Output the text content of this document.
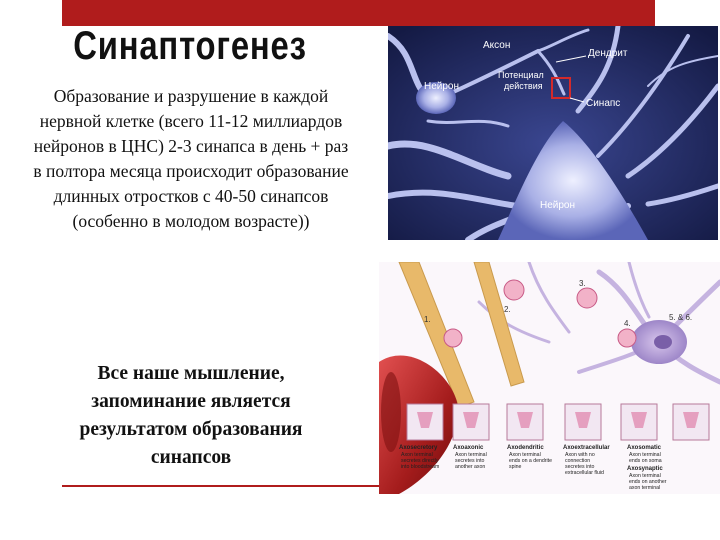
Синаптогенез
Образование и разрушение в каждой
нервной клетке (всего 11-12 миллиардов
нейронов в ЦНС) 2-3 синапса в день + раз
в полтора месяца происходит образование
длинных отростков с 40-50 синапсов
(особенно в молодом возрасте))
Все наше мышление,
запоминание является
результатом образования
синапсов
Аксон
Дендрит
Нейрон
Потенциал
действия
Синапс
Нейрон
1.
2.
3.
4.
5. & 6.
Axosecretory
Axon terminal
secretes directly
into bloodstream
Axoaxonic
Axon terminal
secretes into
another axon
Axodendritic
Axon terminal
ends on a dendrite
spine
Axoextracellular
Axon with no
connection
secretes into
extracellular fluid
Axosomatic
Axon terminal
ends on soma
Axosynaptic
Axon terminal
ends on another
axon terminal
